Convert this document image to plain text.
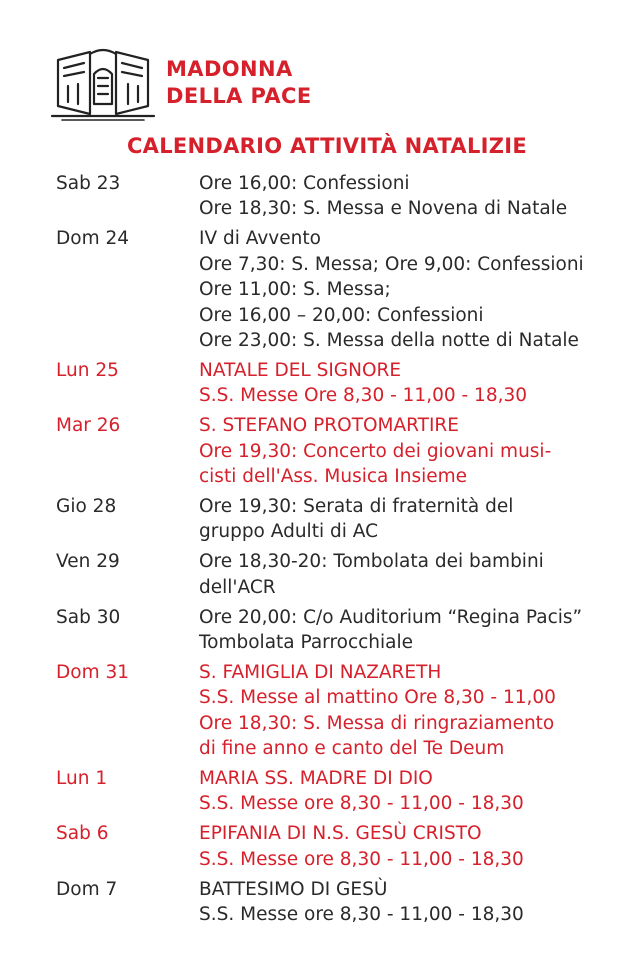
MADONNA
DELLA PACE
CALENDARIO ATTIVITÀ NATALIZIE
Sab 23	Ore 16,00: Confessioni
Ore 18,30: S. Messa e Novena di Natale
Dom 24	IV di Avvento
Ore 7,30: S. Messa; Ore 9,00: Confessioni
Ore 11,00: S. Messa;
Ore 16,00 – 20,00: Confessioni
Ore 23,00: S. Messa della notte di Natale
Lun 25	NATALE DEL SIGNORE
S.S. Messe Ore 8,30 - 11,00 - 18,30
Mar 26	S. STEFANO PROTOMARTIRE
Ore 19,30: Concerto dei giovani musi-
cisti dell'Ass. Musica Insieme
Gio 28	Ore 19,30: Serata di fraternità del
gruppo Adulti di AC
Ven 29	Ore 18,30-20: Tombolata dei bambini
dell'ACR
Sab 30	Ore 20,00: C/o Auditorium “Regina Pacis”
Tombolata Parrocchiale
Dom 31	S. FAMIGLIA DI NAZARETH
S.S. Messe al mattino Ore 8,30 - 11,00
Ore 18,30: S. Messa di ringraziamento
di fine anno e canto del Te Deum
Lun 1	MARIA SS. MADRE DI DIO
S.S. Messe ore 8,30 - 11,00 - 18,30
Sab 6	EPIFANIA DI N.S. GESÙ CRISTO
S.S. Messe ore 8,30 - 11,00 - 18,30
Dom 7	BATTESIMO DI GESÙ
S.S. Messe ore 8,30 - 11,00 - 18,30
